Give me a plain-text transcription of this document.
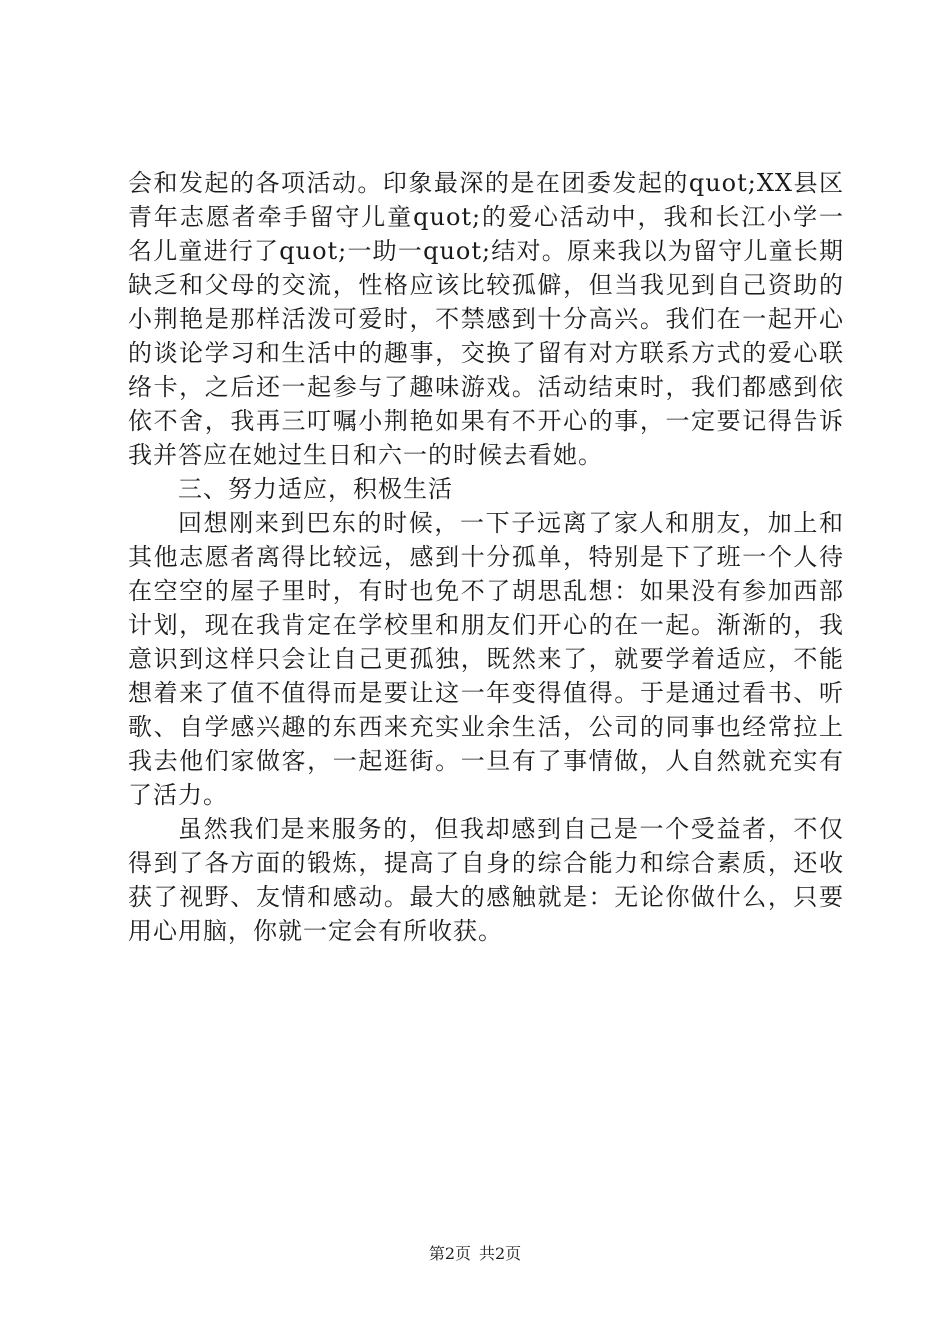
会和发起的各项活动。印象最深的是在团委发起的quot;XX县区青年志愿者牵手留守儿童quot;的爱心活动中，我和长江小学一名儿童进行了quot;一助一quot;结对。原来我以为留守儿童长期缺乏和父母的交流，性格应该比较孤僻，但当我见到自己资助的小荆艳是那样活泼可爱时，不禁感到十分高兴。我们在一起开心的谈论学习和生活中的趣事，交换了留有对方联系方式的爱心联络卡，之后还一起参与了趣味游戏。活动结束时，我们都感到依依不舍，我再三叮嘱小荆艳如果有不开心的事，一定要记得告诉我并答应在她过生日和六一的时候去看她。

三、努力适应，积极生活

回想刚来到巴东的时候，一下子远离了家人和朋友，加上和其他志愿者离得比较远，感到十分孤单，特别是下了班一个人待在空空的屋子里时，有时也免不了胡思乱想：如果没有参加西部计划，现在我肯定在学校里和朋友们开心的在一起。渐渐的，我意识到这样只会让自己更孤独，既然来了，就要学着适应，不能想着来了值不值得而是要让这一年变得值得。于是通过看书、听歌、自学感兴趣的东西来充实业余生活，公司的同事也经常拉上我去他们家做客，一起逛街。一旦有了事情做，人自然就充实有了活力。

虽然我们是来服务的，但我却感到自己是一个受益者，不仅得到了各方面的锻炼，提高了自身的综合能力和综合素质，还收获了视野、友情和感动。最大的感触就是：无论你做什么，只要用心用脑，你就一定会有所收获。

第2页 共2页
